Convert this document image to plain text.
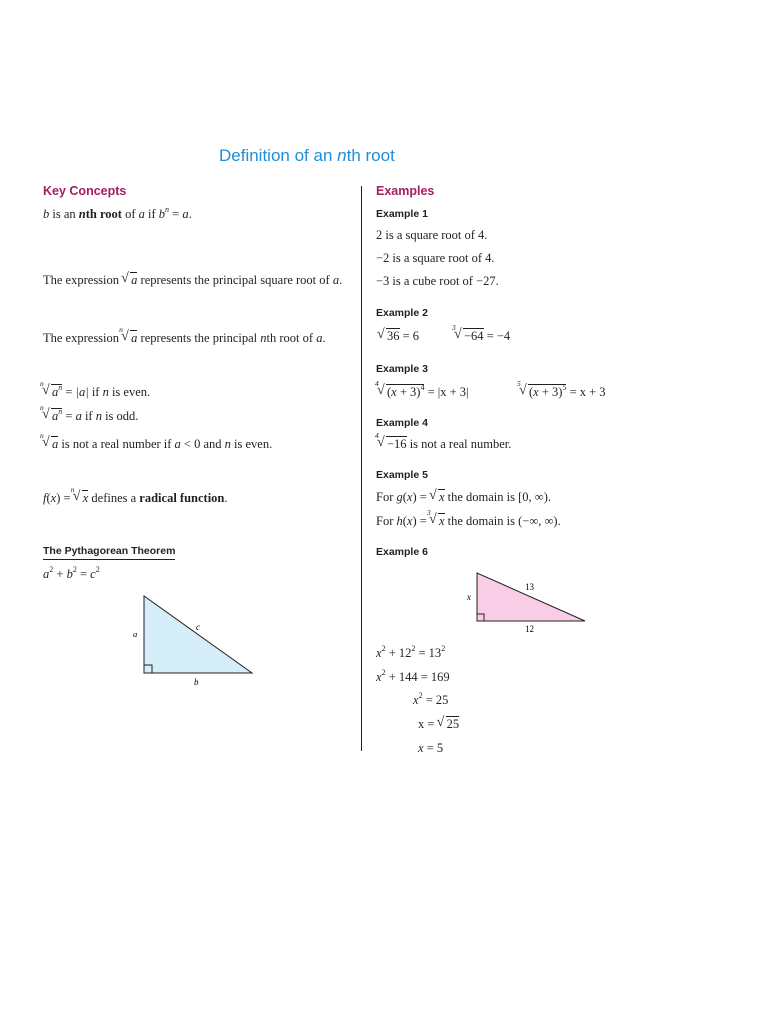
Definition of an nth root
Key Concepts	Examples
b is an nth root of a if $b^n = a$.
The expression √ a represents the principal square root of a.
The expression
n
√ a represents the principal nth root of a.
n
√ $a^n = |a|$ if n is even.
n
√ $a^n = a$ if n is odd.
n
√ a is not a real number if a < 0 and n is even.
f(x) =
n
√ x defines a radical function.
The Pythagorean Theorem
$a^2 + b^2 = c^2$
a
b
c
Example 1
2 is a square root of 4.
−2 is a square root of 4.
−3 is a cube root of −27.
Example 2
√ 36 = 6
3
√ −64 = −4
Example 3
4
√ $(x + 3)^4 = |x + 3|$
5
√ $(x + 3)^5 = x + 3$
Example 4
4
√ −16 is not a real number.
Example 5
For g(x) = √ x the domain is [0, ∞).
For h(x) =
3
√ x the domain is (−∞, ∞).
Example 6
13
12
x
$x^2 + 12^2 = 13^2$
$x^2 + 144 = 169$
$x^2 = 25$
x = √ 25
x = 5
